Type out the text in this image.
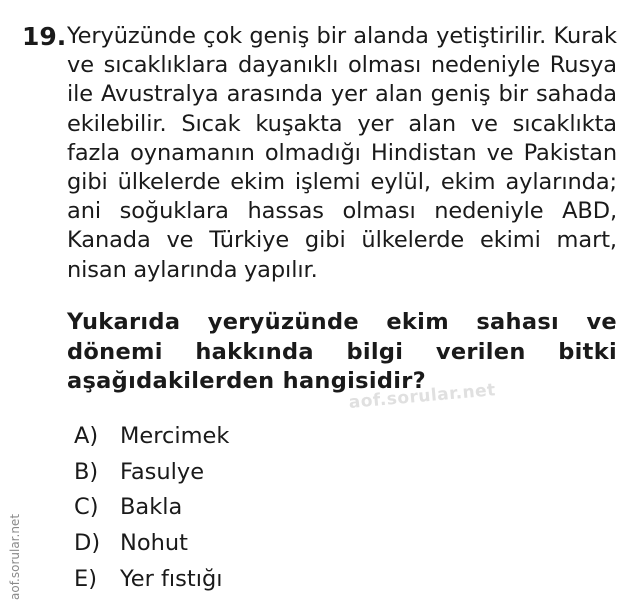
19. Yeryüzünde çok geniş bir alanda yetiştirilir. Kurak ve sıcaklıklara dayanıklı olması nedeniyle Rusya ile Avustralya arasında yer alan geniş bir sahada ekilebilir. Sıcak kuşakta yer alan ve sıcaklıkta fazla oynamanın olmadığı Hindistan ve Pakistan gibi ülkelerde ekim işlemi eylül, ekim aylarında; ani soğuklara hassas olması nedeniyle ABD, Kanada ve Türkiye gibi ülkelerde ekimi mart, nisan aylarında yapılır.

Yukarıda yeryüzünde ekim sahası ve dönemi hakkında bilgi verilen bitki aşağıdakilerden hangisidir?

aof.sorular.net
A) Mercimek
B) Fasulye
C) Bakla
D) Nohut
E)	Yer fıstığı
aof.sorular.net
